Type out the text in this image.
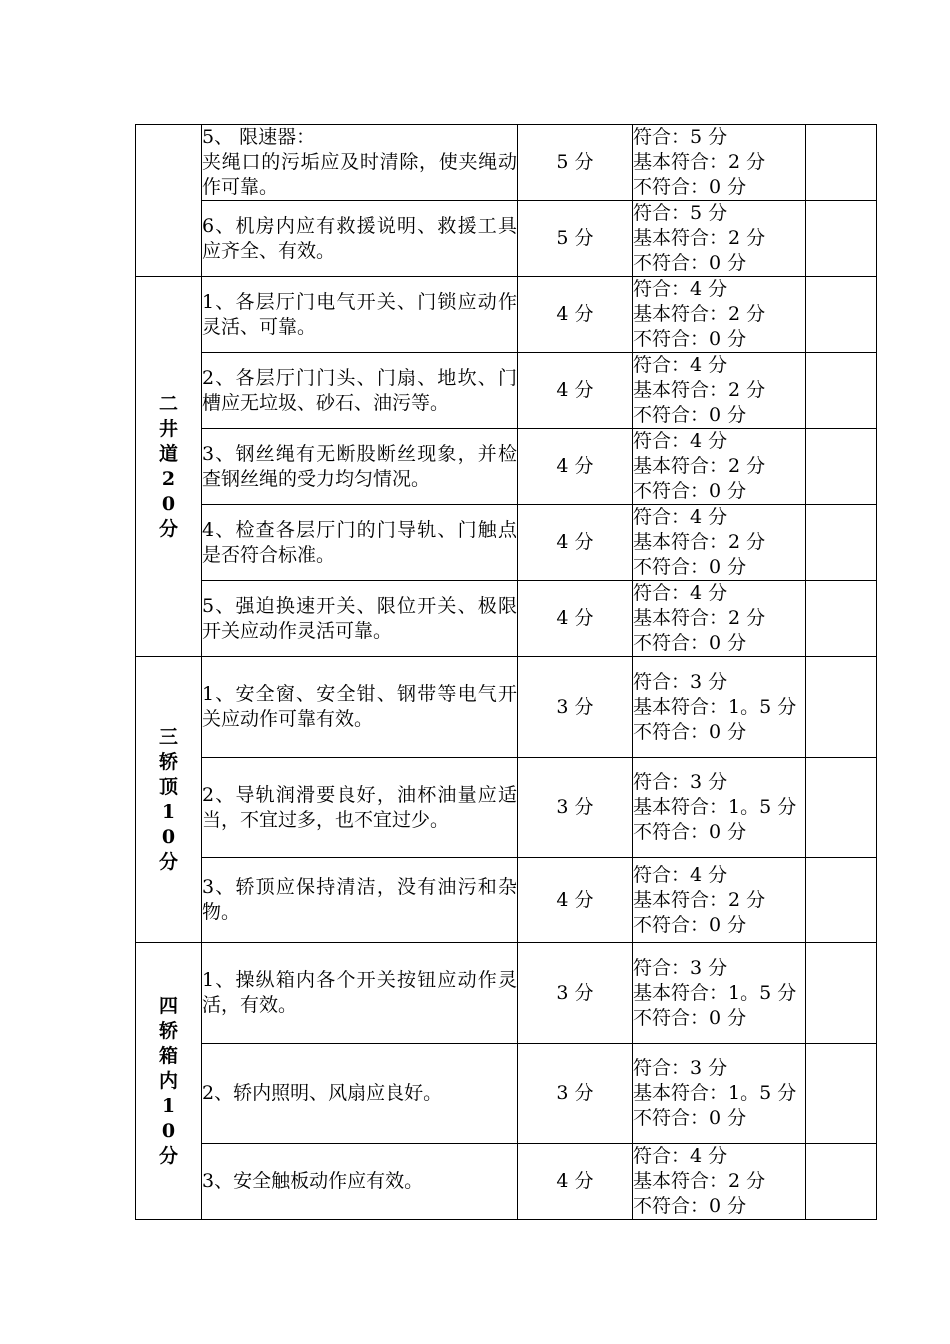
	5、 限速器：
夹绳口的污垢应及时清除，使夹绳动作可靠。	5 分	符合：5 分
基本符合：2 分
不符合：0 分	

	6、机房内应有救援说明、救援工具应齐全、有效。	5 分	符合：5 分
基本符合：2 分
不符合：0 分	

二井道20分	1、各层厅门电气开关、门锁应动作灵活、可靠。	4 分	符合：4 分
基本符合：2 分
不符合：0 分	

	2、各层厅门门头、门扇、地坎、门槽应无垃圾、砂石、油污等。	4 分	符合：4 分
基本符合：2 分
不符合：0 分	

	3、钢丝绳有无断股断丝现象，并检查钢丝绳的受力均匀情况。	4 分	符合：4 分
基本符合：2 分
不符合：0 分	

	4、检查各层厅门的门导轨、门触点是否符合标准。	4 分	符合：4 分
基本符合：2 分
不符合：0 分	

	5、强迫换速开关、限位开关、极限开关应动作灵活可靠。	4 分	符合：4 分
基本符合：2 分
不符合：0 分	

三轿顶10分	1、安全窗、安全钳、钢带等电气开关应动作可靠有效。	3 分	符合：3 分
基本符合：1。5 分
不符合：0 分	

	2、导轨润滑要良好，油杯油量应适当，不宜过多，也不宜过少。	3 分	符合：3 分
基本符合：1。5 分
不符合：0 分	

	3、轿顶应保持清洁，没有油污和杂物。	4 分	符合：4 分
基本符合：2 分
不符合：0 分	

四轿箱内10分	1、操纵箱内各个开关按钮应动作灵活，有效。	3 分	符合：3 分
基本符合：1。5 分
不符合：0 分	

	2、轿内照明、风扇应良好。	3 分	符合：3 分
基本符合：1。5 分
不符合：0 分	

	3、安全触板动作应有效。	4 分	符合：4 分
基本符合：2 分
不符合：0 分	
